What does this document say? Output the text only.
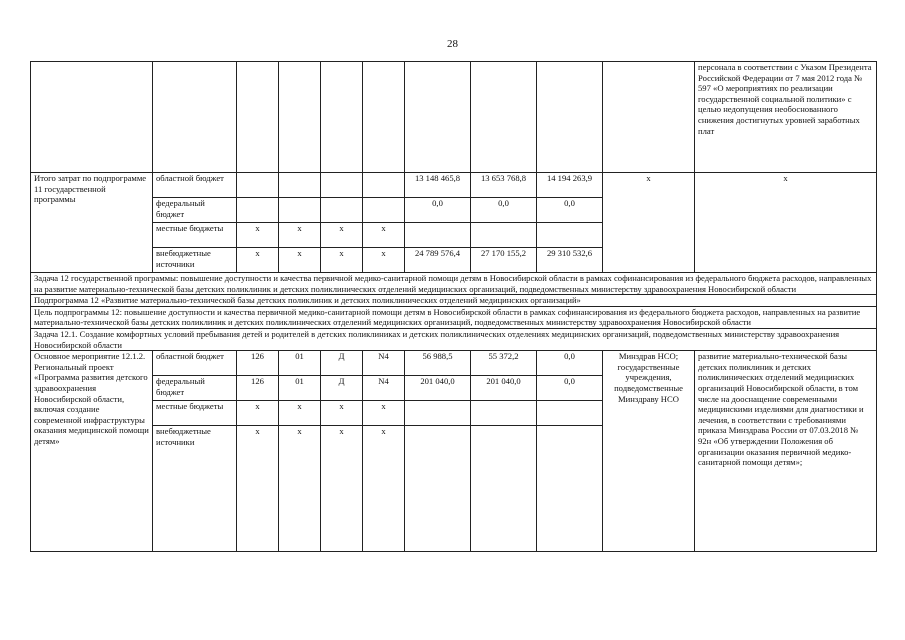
28
										персонала в соответствии с Указом Президента Российской Федерации от 7 мая 2012 года № 597 «О мероприятиях по реализации государственной социальной политики» с целью недопущения необоснованного снижения достигнутых уровней заработных плат
Итого затрат по подпрограмме 11 государственной программы	областной бюджет					13 148 465,8	13 653 768,8	14 194 263,9	x	x
	федеральный бюджет					0,0	0,0	0,0		
	местные бюджеты	x	x	x	x					
	внебюджетные источники	x	x	x	x	24 789 576,4	27 170 155,2	29 310 532,6		
Задача 12 государственной программы: повышение доступности и качества первичной медико-санитарной помощи детям в Новосибирской области в рамках софинансирования из федерального бюджета расходов, направленных на развитие материально-технической базы детских поликлиник и детских поликлинических отделений медицинских организаций, подведомственных министерству здравоохранения Новосибирской области										
Подпрограмма 12 «Развитие материально-технической базы детских поликлиник и детских поликлинических отделений медицинских организаций»										
Цель подпрограммы 12: повышение доступности и качества первичной медико-санитарной помощи детям в Новосибирской области в рамках софинансирования из федерального бюджета расходов, направленных на развитие материально-технической базы детских поликлиник и детских поликлинических отделений медицинских организаций, подведомственных министерству здравоохранения Новосибирской области										
Задача 12.1. Создание комфортных условий пребывания детей и родителей в детских поликлиниках и детских поликлинических отделениях медицинских организаций, подведомственных министерству здравоохранения Новосибирской области										
Основное мероприятие 12.1.2. Региональный проект «Программа развития детского здравоохранения Новосибирской области, включая создание современной инфраструктуры оказания медицинской помощи детям»	областной бюджет	126	01	Д	N4	56 988,5	55 372,2	0,0	Минздрав НСО; государственные учреждения, подведомственные Минздраву НСО	развитие материально-технической базы детских поликлиник и детских поликлинических отделений медицинских организаций Новосибирской области, в том числе на дооснащение современными медицинскими изделиями для диагностики и лечения, в соответствии с требованиями приказа Минздрава России от 07.03.2018 № 92н «Об утверждении Положения об организации оказания первичной медико-санитарной помощи детям»;
	федеральный бюджет	126	01	Д	N4	201 040,0	201 040,0	0,0		
	местные бюджеты	x	x	x	x					
	внебюджетные источники	x	x	x	x					
